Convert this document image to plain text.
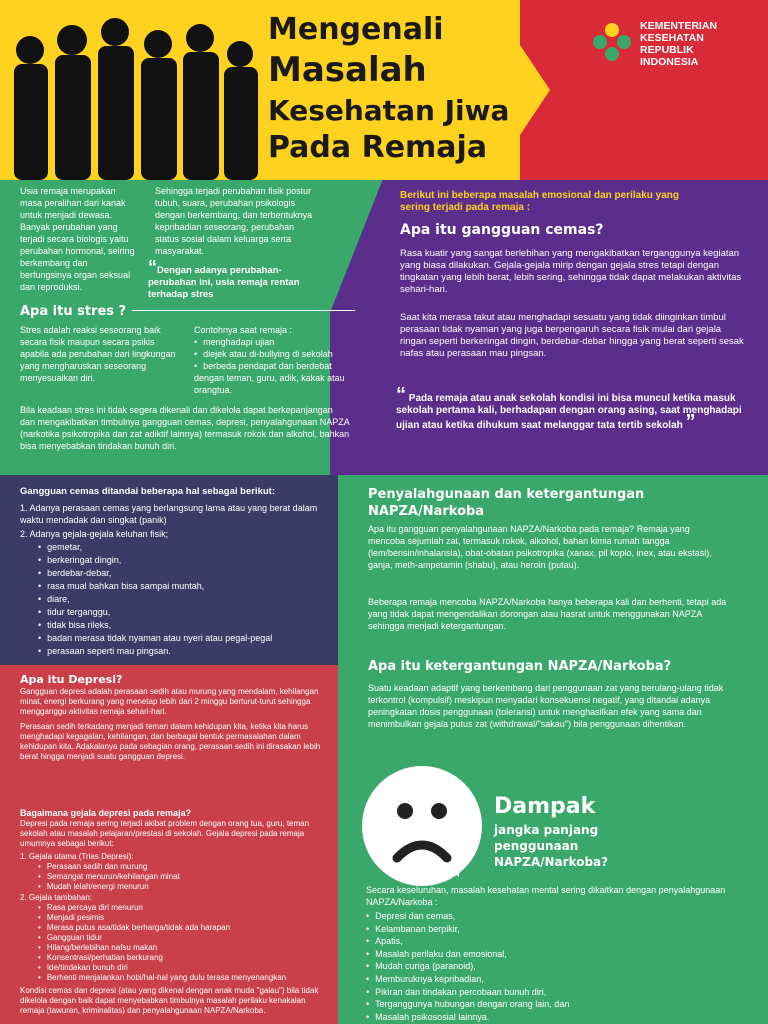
Mengenali
Masalah
Kesehatan Jiwa
Pada Remaja
KEMENTERIAN
KESEHATAN
REPUBLIK
INDONESIA
Usia remaja merupakan masa peralihan dari kanak untuk menjadi dewasa. Banyak perubahan yang terjadi secara biologis yaitu perubahan hormonal, seiring berkembang dan berfungsinya organ seksual dan reproduksi.
Sehingga terjadi perubahan fisik postur tubuh, suara, perubahan psikologis dengan berkembang, dan terbentuknya kepribadian seseorang, perubahan status sosial dalam keluarga serta masyarakat.
“Dengan adanya perubahan-perubahan ini, usia remaja rentan terhadap stres
Apa itu stres ?
Stres adalah reaksi seseorang baik secara fisik maupun secara psikis apabila ada perubahan dari lingkungan yang mengharuskan seseorang menyesuaikan diri.
Contohnya saat remaja :
• menghadapi ujian
• diejek atau di-bullying di sekolah
• berbeda pendapat dan berdebat dengan teman, guru, adik, kakak atau orangtua.
Bila keadaan stres ini tidak segera dikenali dan dikelola dapat berkepanjangan dan mengakibatkan timbulnya gangguan cemas, depresi, penyalahgunaan NAPZA (narkotika psikotropika dan zat adiktif lainnya) termasuk rokok dan alkohol, bahkan bisa menyebabkan tindakan bunuh diri.
Berikut ini beberapa masalah emosional dan perilaku yang sering terjadi pada remaja :
Apa itu gangguan cemas?
Rasa kuatir yang sangat berlebihan yang mengakibatkan terganggunya kegiatan yang biasa dilakukan. Gejala-gejala mirip dengan gejala stres tetapi dengan tingkatan yang lebih berat, lebih sering, sehingga tidak dapat melakukan aktivitas sehari-hari.
Saat kita merasa takut atau menghadapi sesuatu yang tidak diinginkan timbul perasaan tidak nyaman yang juga berpengaruh secara fisik mulai dari gejala ringan seperti berkeringat dingin, berdebar-debar hingga yang berat seperti sesak nafas atau perasaan mau pingsan.
“ Pada remaja atau anak sekolah kondisi ini bisa muncul ketika masuk sekolah pertama kali, berhadapan dengan orang asing, saat menghadapi ujian atau ketika dihukum saat melanggar tata tertib sekolah ”
Gangguan cemas ditandai beberapa hal sebagai berikut:
1. Adanya perasaan cemas yang berlangsung lama atau yang berat dalam waktu mendadak dan singkat (panik)
2. Adanya gejala-gejala keluhan fisik;
• gemetar,
• berkeringat dingin,
• berdebar-debar,
• rasa mual bahkan bisa sampai muntah,
• diare,
• tidur terganggu,
• tidak bisa rileks,
• badan merasa tidak nyaman atau nyeri atau pegal-pegal
• perasaan seperti mau pingsan.
Apa itu Depresi?
Gangguan depresi adalah perasaan sedih atau murung yang mendalam, kehilangan minat, energi berkurang yang menetap lebih dari 2 minggu berturut-turut sehingga mengganggu aktivitas remaja sehari-hari.
Perasaan sedih terkadang menjadi teman dalam kehidupan kita, ketika kita harus menghadapi kegagalan, kehilangan, dan berbagai bentuk permasalahan dalam kehidupan kita. Adakalanya pada sebagian orang, perasaan sedih ini dirasakan lebih berat hingga menjadi suatu gangguan depresi.
Bagaimana gejala depresi pada remaja?
Depresi pada remaja sering terjadi akibat problem dengan orang tua, guru, teman sekolah atau masalah pelajaran/prestasi di sekolah. Gejala depresi pada remaja umumnya sebagai berikut:
1. Gejala utama (Trias Depresi):
• Perasaan sedih dan murung
• Semangat menurun/kehilangan minat
• Mudah lelah/energi menurun
2. Gejala tambahan:
• Rasa percaya diri menurun
• Menjadi pesimis
• Merasa putus asa/tidak berharga/tidak ada harapan
• Gangguan tidur
• Hilang/berlebihan nafsu makan
• Konsentrasi/perhatian berkurang
• Ide/tindakan bunuh diri
• Berhenti menjalankan hobi/hal-hal yang dulu terasa menyenangkan
Kondisi cemas dan depresi (atau yang dikenal dengan anak muda "galau") bila tidak dikelola dengan baik dapat menyebabkan timbulnya masalah perilaku kenakalan remaja (tawuran, kriminalitas) dan penyalahgunaan NAPZA/Narkoba.
Penyalahgunaan dan ketergantungan NAPZA/Narkoba
Apa itu gangguan penyalahgunaan NAPZA/Narkoba pada remaja? Remaja yang mencoba sejumlah zat, termasuk rokok, alkohol, bahan kimia rumah tangga (lem/bensin/inhalansia), obat-obatan psikotropika (xanax, pil koplo, inex, atau ekstasi), ganja, meth-ampetamin (shabu), atau heroin (putau).
Beberapa remaja mencoba NAPZA/Narkoba hanya beberapa kali dan berhenti, tetapi ada yang tidak dapat mengendalikan dorongan atau hasrat untuk menggunakan NAPZA sehingga menjadi ketergantungan.
Apa itu ketergantungan NAPZA/Narkoba?
Suatu keadaan adaptif yang berkembang dari penggunaan zat yang berulang-ulang tidak terkontrol (kompulsif) meskipun menyadari konsekuensi negatif, yang ditandai adanya peningkatan dosis penggunaan (toleransi) untuk menghasilkan efek yang sama dan menimbulkan gejala putus zat (withdrawal/"sakau") bila penggunaan dihentikan.
Dampak
jangka panjang penggunaan NAPZA/Narkoba?
Secara keseluruhan, masalah kesehatan mental sering dikaitkan dengan penyalahgunaan NAPZA/Narkoba :
• Depresi dan cemas,
• Kelambanan berpikir,
• Apatis,
• Masalah perilaku dan emosional,
• Mudah curiga (paranoid),
• Memburuknya kepribadian,
• Pikiran dan tindakan percobaan bunuh diri,
• Terganggunya hubungan dengan orang lain, dan
• Masalah psikososial lainnya.
